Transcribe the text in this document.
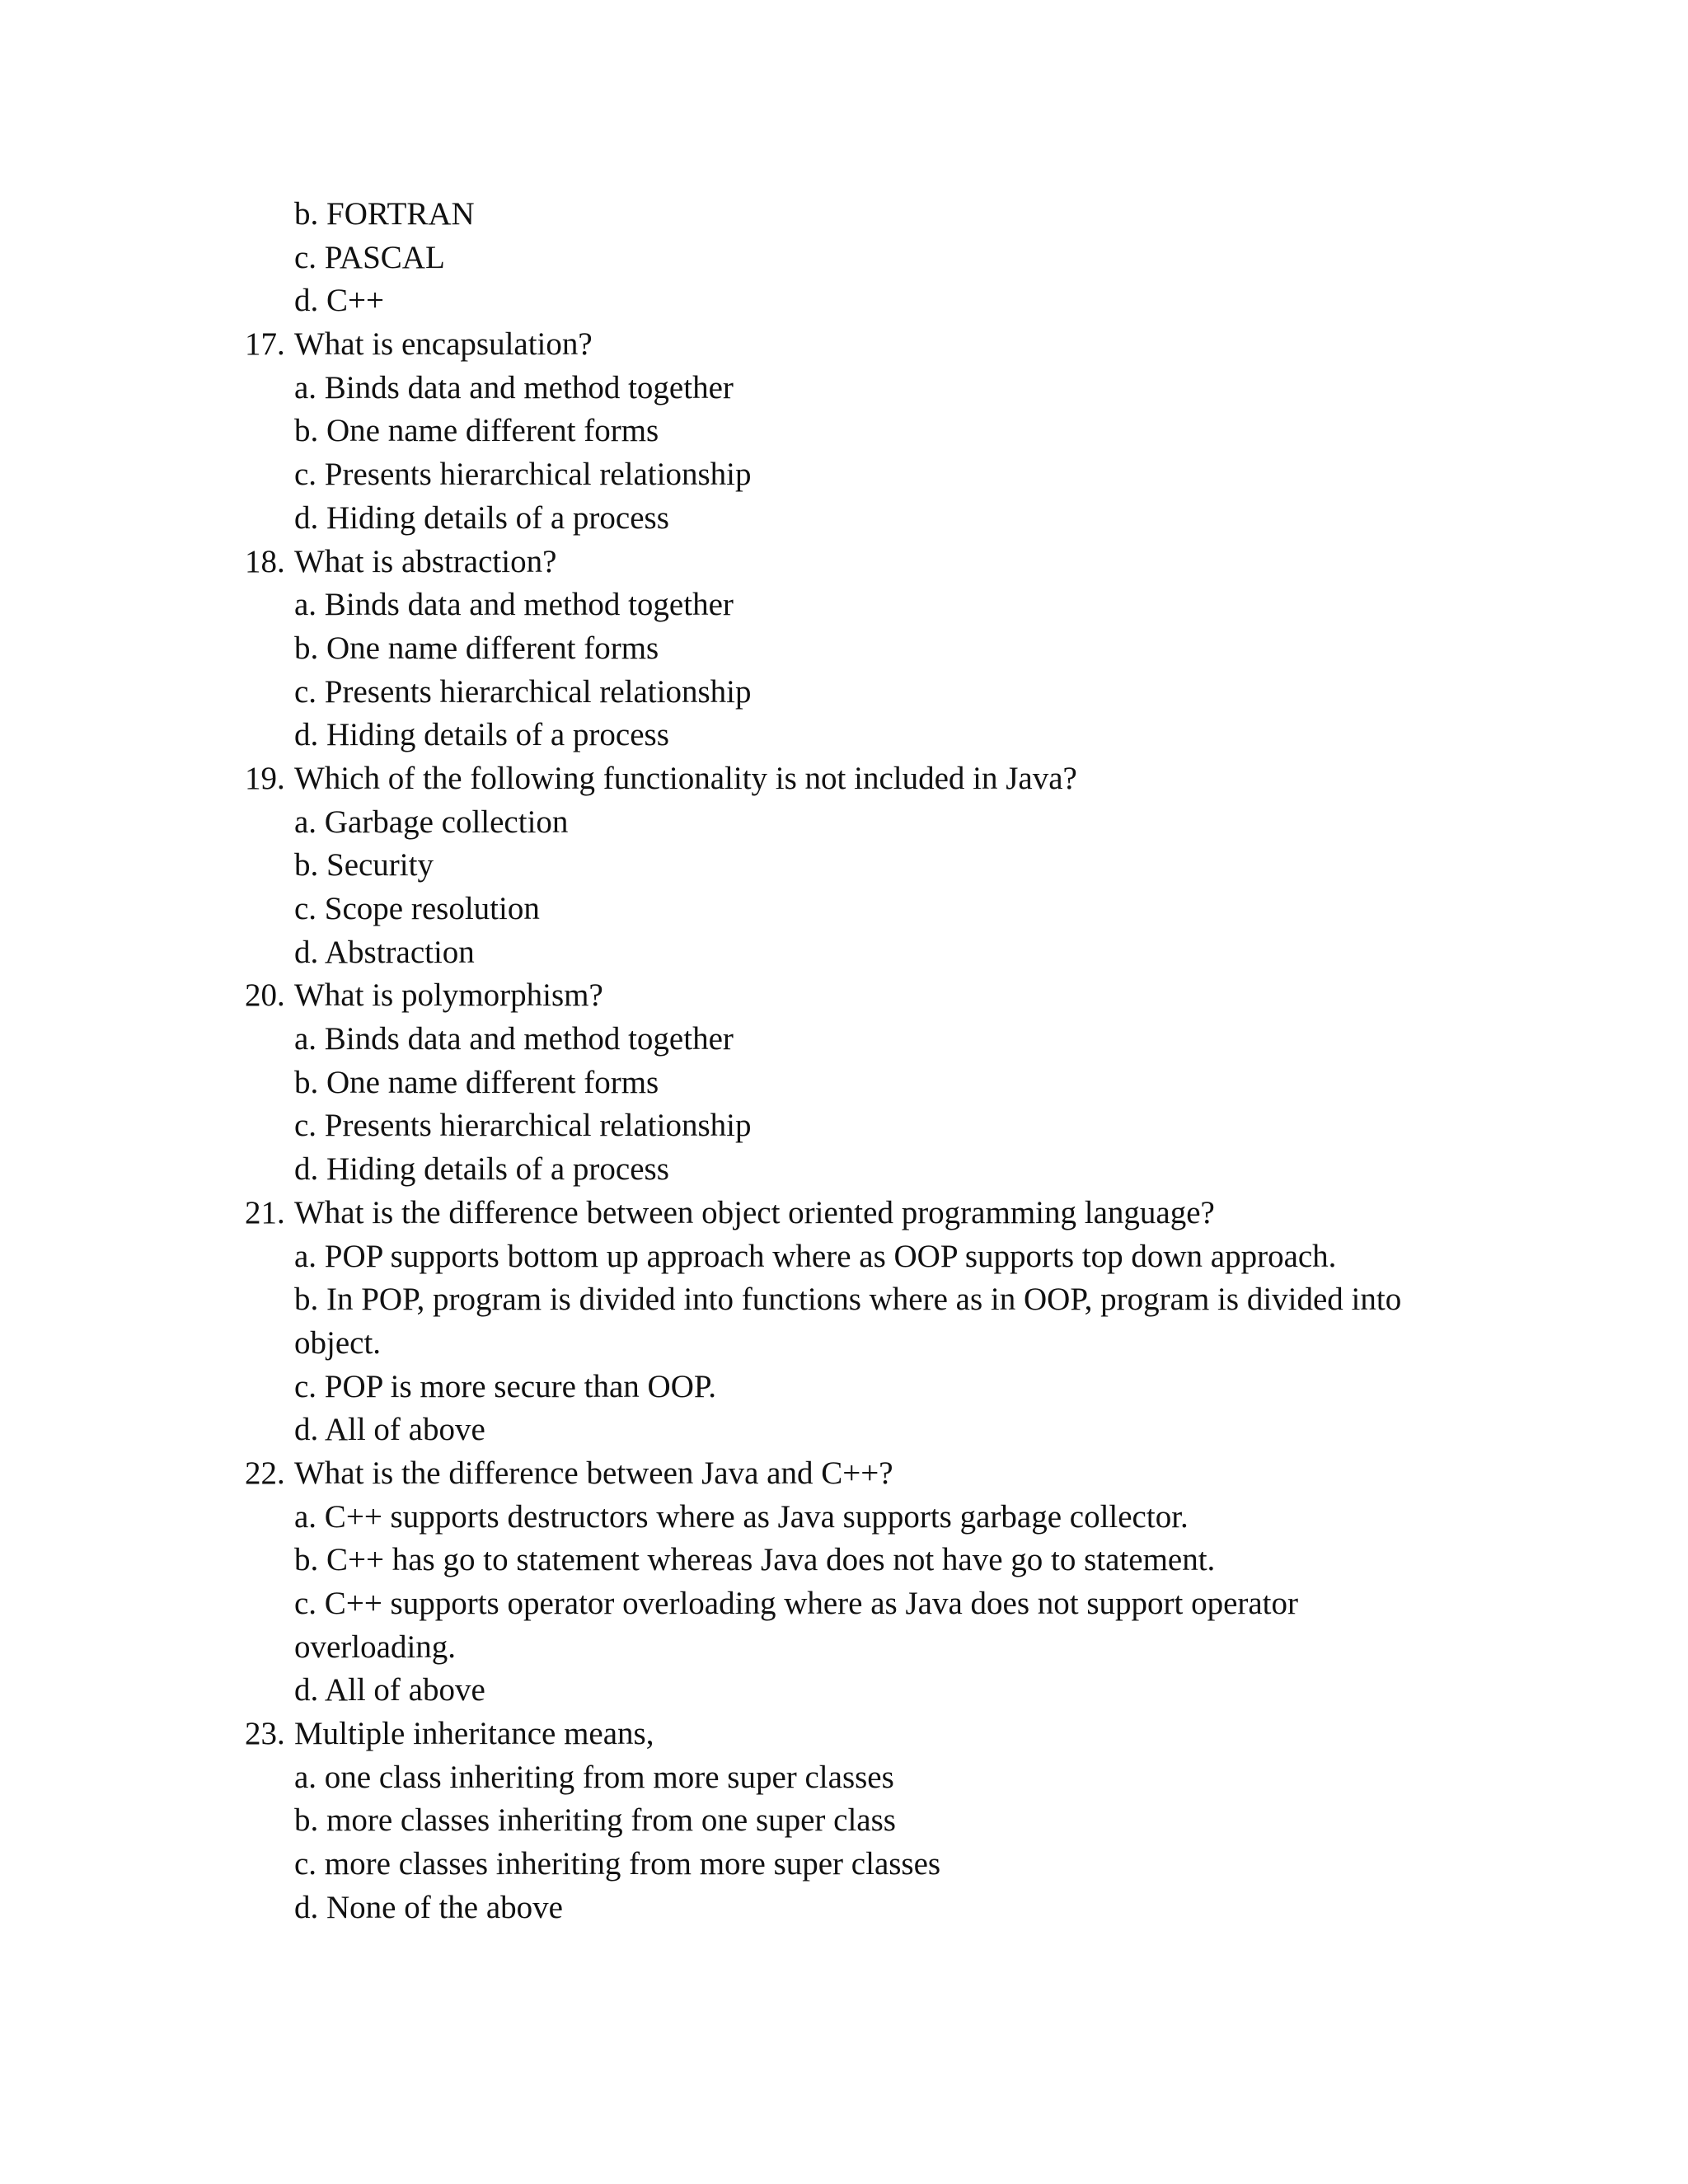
b. FORTRAN
c. PASCAL
d. C++
17. What is encapsulation?
a. Binds data and method together
b. One name different forms
c. Presents hierarchical relationship
d. Hiding details of a process
18. What is abstraction?
a. Binds data and method together
b. One name different forms
c. Presents hierarchical relationship
d. Hiding details of a process
19. Which of the following functionality is not included in Java?
a. Garbage collection
b. Security
c. Scope resolution
d. Abstraction
20. What is polymorphism?
a. Binds data and method together
b. One name different forms
c. Presents hierarchical relationship
d. Hiding details of a process
21. What is the difference between object oriented programming language?
a. POP supports bottom up approach where as OOP supports top down approach.
b. In POP, program is divided into functions where as in OOP, program is divided into
object.
c. POP is more secure than OOP.
d. All of above
22. What is the difference between Java and C++?
a. C++ supports destructors where as Java supports garbage collector.
b. C++ has go to statement whereas Java does not have go to statement.
c. C++ supports operator overloading where as Java does not support operator
overloading.
d. All of above
23. Multiple inheritance means,
a. one class inheriting from more super classes
b. more classes inheriting from one super class
c. more classes inheriting from more super classes
d. None of the above
